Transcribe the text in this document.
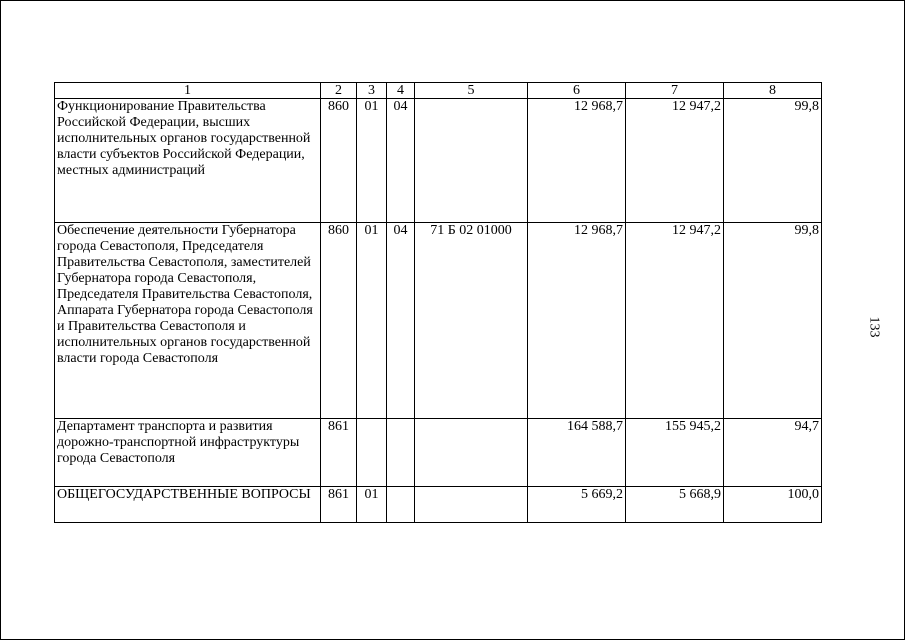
1	2	3	4	5	6	7	8
Функционирование Правительства Российской Федерации, высших исполнительных органов государственной власти субъектов Российской Федерации, местных администраций	860	01	04		12 968,7	12 947,2	99,8
Обеспечение деятельности Губернатора города Севастополя, Председателя Правительства Севастополя, заместителей Губернатора города Севастополя, Председателя Правительства Севастополя, Аппарата Губернатора города Севастополя и Правительства Севастополя и исполнительных органов государственной власти города Севастополя	860	01	04	71 Б 02 01000	12 968,7	12 947,2	99,8
Департамент транспорта и развития дорожно-транспортной инфраструктуры города Севастополя	861				164 588,7	155 945,2	94,7
ОБЩЕГОСУДАРСТВЕННЫЕ ВОПРОСЫ	861	01			5 669,2	5 668,9	100,0
133
